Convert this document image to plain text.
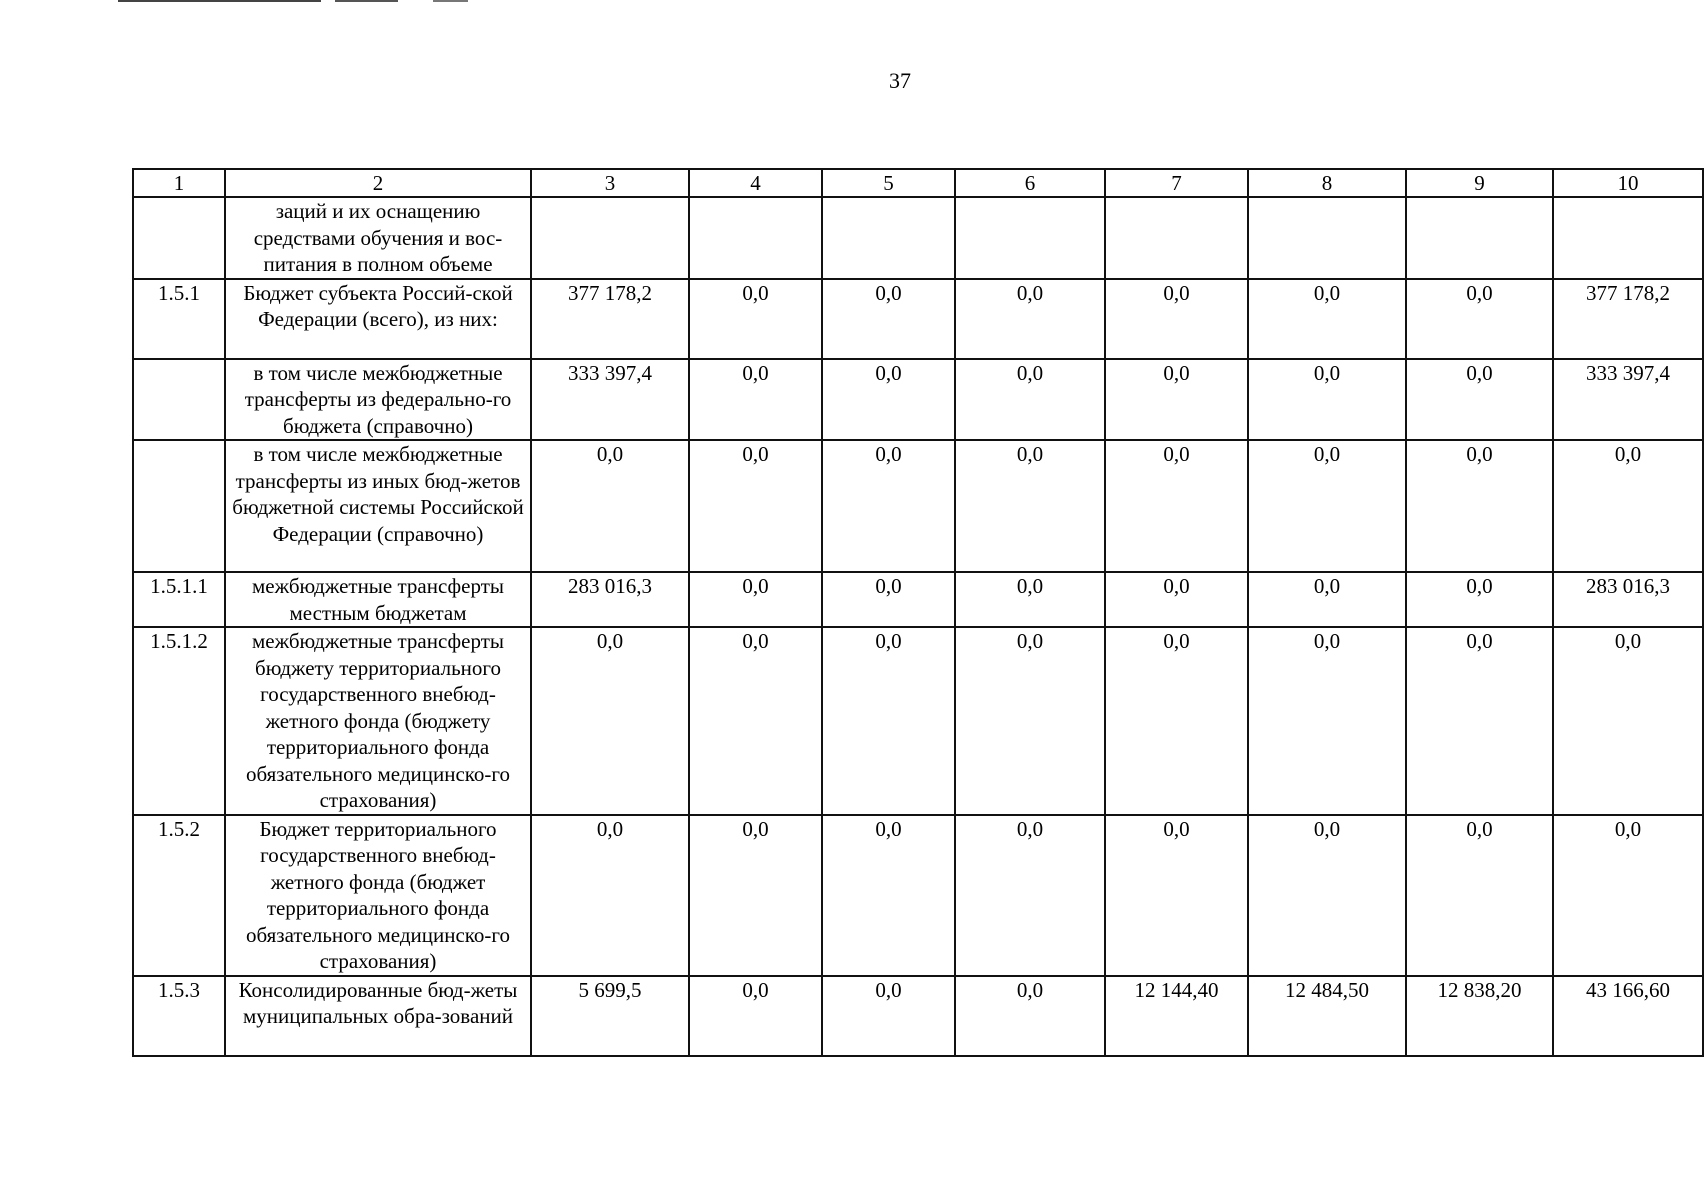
37
1	2	3	4	5	6	7	8	9	10
	заций и их оснащению средствами обучения и вос-питания в полном объеме								
1.5.1	Бюджет субъекта Россий-ской Федерации (всего), из них:	377 178,2	0,0	0,0	0,0	0,0	0,0	0,0	377 178,2
	в том числе межбюджетные трансферты из федерально-го бюджета (справочно)	333 397,4	0,0	0,0	0,0	0,0	0,0	0,0	333 397,4
	в том числе межбюджетные трансферты из иных бюд-жетов бюджетной системы Российской Федерации (справочно)	0,0	0,0	0,0	0,0	0,0	0,0	0,0	0,0
1.5.1.1	межбюджетные трансферты местным бюджетам	283 016,3	0,0	0,0	0,0	0,0	0,0	0,0	283 016,3
1.5.1.2	межбюджетные трансферты бюджету территориального государственного внебюд-жетного фонда (бюджету территориального фонда обязательного медицинско-го страхования)	0,0	0,0	0,0	0,0	0,0	0,0	0,0	0,0
1.5.2	Бюджет территориального государственного внебюд-жетного фонда (бюджет территориального фонда обязательного медицинско-го страхования)	0,0	0,0	0,0	0,0	0,0	0,0	0,0	0,0
1.5.3	Консолидированные бюд-жеты муниципальных обра-зований	5 699,5	0,0	0,0	0,0	12 144,40	12 484,50	12 838,20	43 166,60
